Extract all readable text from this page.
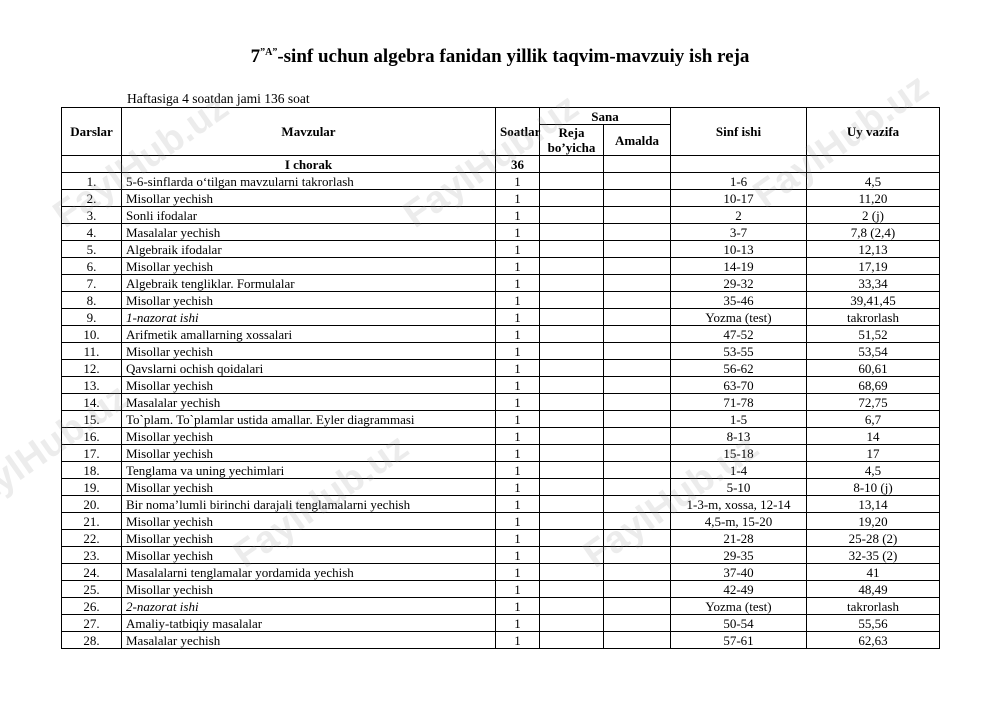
$7^{”A”}$-sinf uchun algebra fanidan yillik taqvim-mavzuiy ish reja
Haftasiga 4 soatdan jami 136 soat
Darslar	Mavzular	Soatlar	Sana		Sinf ishi	Uy vazifa
			Reja bo’yicha	Amalda		
	I chorak	36				
1.	5-6-sinflarda o‘tilgan mavzularni takrorlash	1			1-6	4,5
2.	Misollar yechish	1			10-17	11,20
3.	Sonli ifodalar	1			2	2 (j)
4.	Masalalar yechish	1			3-7	7,8 (2,4)
5.	Algebraik ifodalar	1			10-13	12,13
6.	Misollar yechish	1			14-19	17,19
7.	Algebraik tengliklar. Formulalar	1			29-32	33,34
8.	Misollar yechish	1			35-46	39,41,45
9.	1-nazorat ishi	1			Yozma (test)	takrorlash
10.	Arifmetik amallarning xossalari	1			47-52	51,52
11.	Misollar yechish	1			53-55	53,54
12.	Qavslarni ochish qoidalari	1			56-62	60,61
13.	Misollar yechish	1			63-70	68,69
14.	Masalalar yechish	1			71-78	72,75
15.	To`plam. To`plamlar ustida amallar. Eyler diagrammasi	1			1-5	6,7
16.	Misollar yechish	1			8-13	14
17.	Misollar yechish	1			15-18	17
18.	Tenglama va uning yechimlari	1			1-4	4,5
19.	Misollar yechish	1			5-10	8-10 (j)
20.	Bir noma’lumli birinchi darajali tenglamalarni yechish	1			1-3-m, xossa, 12-14	13,14
21.	Misollar yechish	1			4,5-m, 15-20	19,20
22.	Misollar yechish	1			21-28	25-28 (2)
23.	Misollar yechish	1			29-35	32-35 (2)
24.	Masalalarni tenglamalar yordamida yechish	1			37-40	41
25.	Misollar yechish	1			42-49	48,49
26.	2-nazorat ishi	1			Yozma (test)	takrorlash
27.	Amaliy-tatbiqiy masalalar	1			50-54	55,56
28.	Masalalar yechish	1			57-61	62,63
FaylHub.uz
FaylHub.uz
FaylHub.uz
FaylHub.uz
FaylHub.uz
FaylHub.uz
